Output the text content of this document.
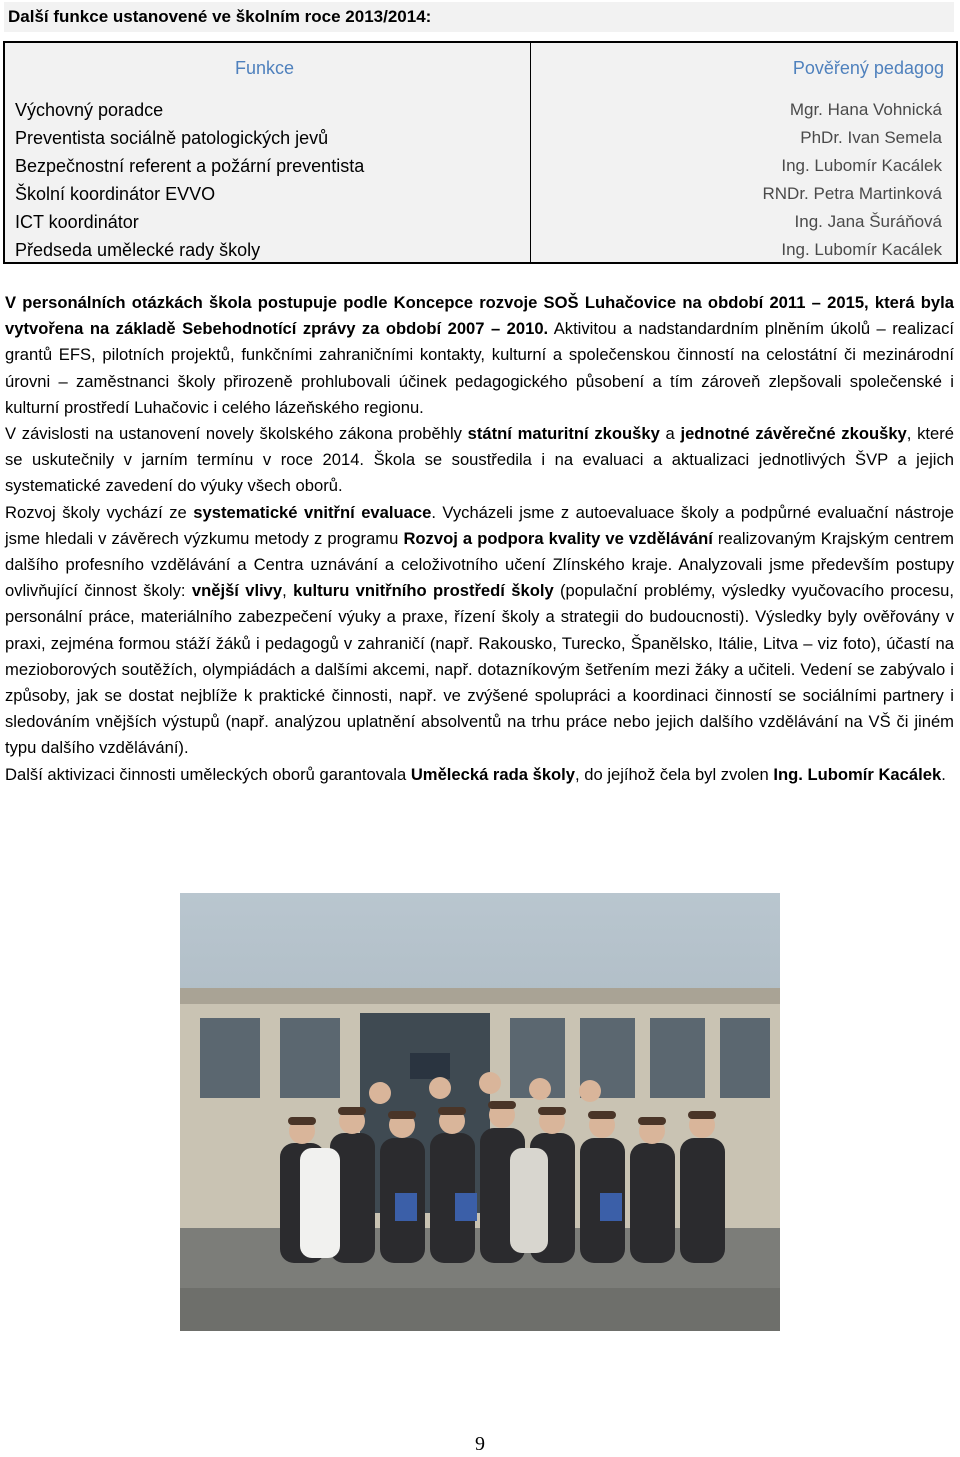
Další funkce ustanovené ve školním roce 2013/2014:
Funkce
Výchovný poradce
Preventista sociálně patologických jevů
Bezpečnostní referent a požární preventista
Školní koordinátor EVVO
ICT koordinátor
Předseda umělecké rady školy
Pověřený pedagog
Mgr. Hana Vohnická
PhDr. Ivan Semela
Ing. Lubomír Kacálek
RNDr. Petra Martinková
Ing. Jana Šuráňová
Ing. Lubomír Kacálek

V personálních otázkách škola postupuje podle Koncepce rozvoje SOŠ Luhačovice na období 2011 – 2015, která byla vytvořena na základě Sebehodnotící zprávy za období 2007 – 2010. Aktivitou a nadstandardním plněním úkolů – realizací grantů EFS, pilotních projektů, funkčními zahraničními kontakty, kulturní a společenskou činností na celostátní či mezinárodní úrovni – zaměstnanci školy přirozeně prohlubovali účinek pedagogického působení a tím zároveň zlepšovali společenské i kulturní prostředí Luhačovic i celého lázeňského regionu.

V závislosti na ustanovení novely školského zákona proběhly státní maturitní zkoušky a jednotné závěrečné zkoušky, které se uskutečnily v jarním termínu v roce 2014. Škola se soustředila i na evaluaci a aktualizaci jednotlivých ŠVP a jejich systematické zavedení do výuky všech oborů.

Rozvoj školy vychází ze systematické vnitřní evaluace. Vycházeli jsme z autoevaluace školy a podpůrné evaluační nástroje jsme hledali v závěrech výzkumu metody z programu Rozvoj a podpora kvality ve vzdělávání realizovaným Krajským centrem dalšího profesního vzdělávání a Centra uznávání a celoživotního učení Zlínského kraje. Analyzovali jsme především postupy ovlivňující činnost školy: vnější vlivy, kulturu vnitřního prostředí školy (populační problémy, výsledky vyučovacího procesu, personální práce, materiálního zabezpečení výuky a praxe, řízení školy a strategii do budoucnosti). Výsledky byly ověřovány v praxi, zejména formou stáží žáků i pedagogů v zahraničí (např. Rakousko, Turecko, Španělsko, Itálie, Litva – viz foto), účastí na mezioborových soutěžích, olympiádách a dalšími akcemi, např. dotazníkovým šetřením mezi žáky a učiteli. Vedení se zabývalo i způsoby, jak se dostat nejblíže k praktické činnosti, např. ve zvýšené spolupráci a koordinaci činností se sociálními partnery i sledováním vnějších výstupů (např. analýzou uplatnění absolventů na trhu práce nebo jejich dalšího vzdělávání na VŠ či jiném typu dalšího vzdělávání).

Další aktivizaci činnosti uměleckých oborů garantovala Umělecká rada školy, do jejíhož čela byl zvolen Ing. Lubomír Kacálek.

9
